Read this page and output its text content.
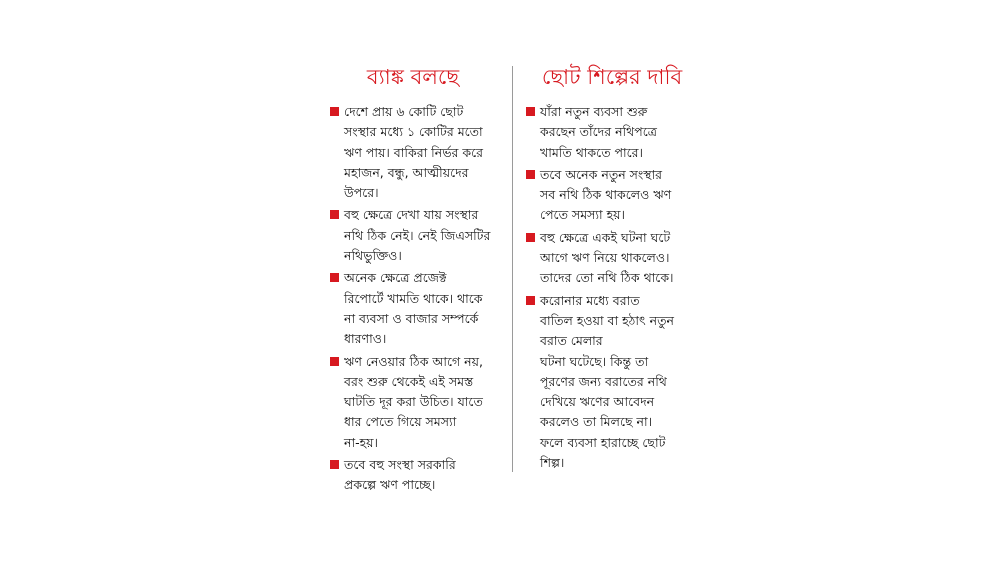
ব্যাঙ্ক বলছে
দেশে প্রায় ৬ কোটি ছোট
সংস্থার মধ্যে ১ কোটির মতো
ঋণ পায়। বাকিরা নির্ভর করে
মহাজন, বন্ধু, আত্মীয়দের
উপরে।
বহু ক্ষেত্রে দেখা যায় সংস্থার
নথি ঠিক নেই। নেই জিএসটির
নথিভুক্তিও।
অনেক ক্ষেত্রে প্রজেক্ট
রিপোর্টে খামতি থাকে। থাকে
না ব্যবসা ও বাজার সম্পর্কে
ধারণাও।
ঋণ নেওয়ার ঠিক আগে নয়,
বরং শুরু থেকেই এই সমস্ত
ঘাটতি দূর করা উচিত। যাতে
ধার পেতে গিয়ে সমস্যা
না-হয়।
তবে বহু সংস্থা সরকারি
প্রকল্পে ঋণ পাচ্ছে।
ছোট শিল্পের দাবি
যাঁরা নতুন ব্যবসা শুরু
করছেন তাঁদের নথিপত্রে
খামতি থাকতে পারে।
তবে অনেক নতুন সংস্থার
সব নথি ঠিক থাকলেও ঋণ
পেতে সমস্যা হয়।
বহু ক্ষেত্রে একই ঘটনা ঘটে
আগে ঋণ নিয়ে থাকলেও।
তাদের তো নথি ঠিক থাকে।
করোনার মধ্যে বরাত
বাতিল হওয়া বা হঠাৎ নতুন
বরাত মেলার
ঘটনা ঘটেছে। কিন্তু তা
পূরণের জন্য বরাতের নথি
দেখিয়ে ঋণের আবেদন
করলেও তা মিলছে না।
ফলে ব্যবসা হারাচ্ছে ছোট
শিল্প।
